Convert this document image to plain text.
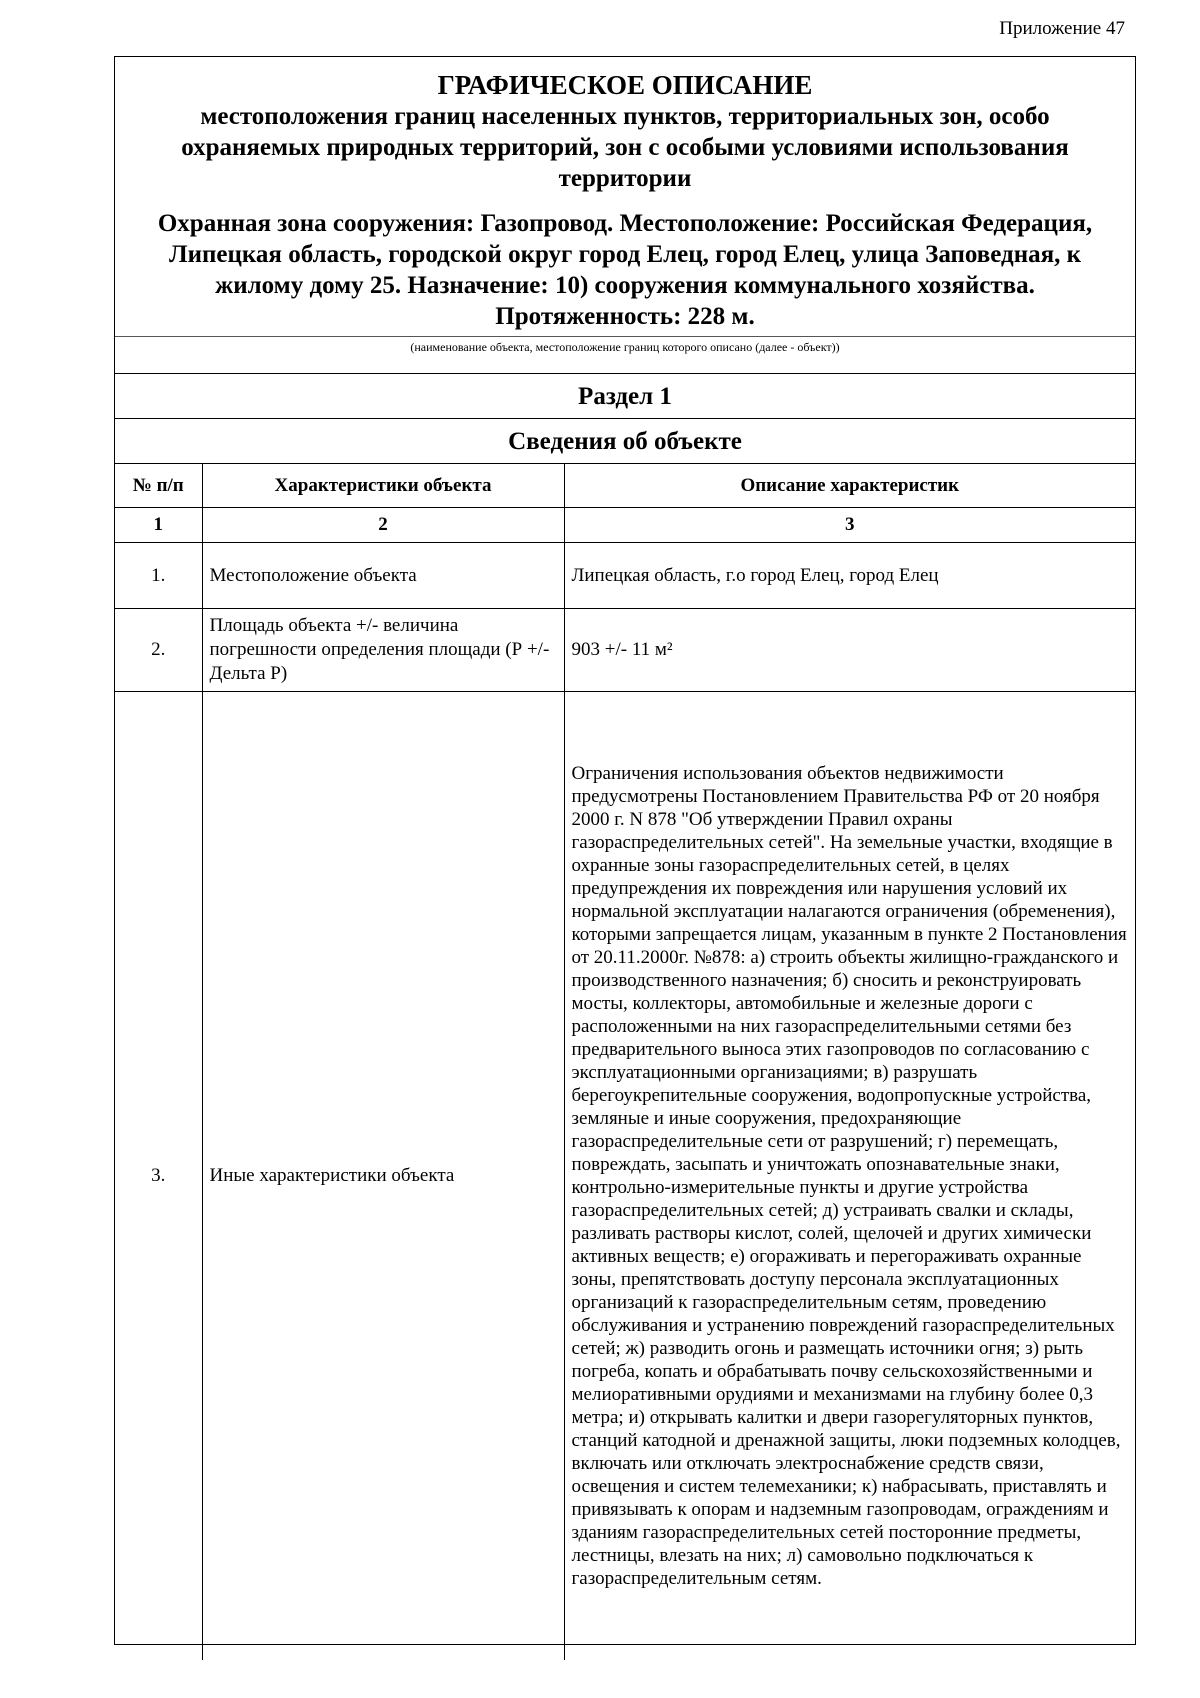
Приложение 47
ГРАФИЧЕСКОЕ ОПИСАНИЕ
местоположения границ населенных пунктов, территориальных зон, особо охраняемых природных территорий, зон с особыми условиями использования территории
Охранная зона сооружения: Газопровод. Местоположение: Российская Федерация, Липецкая область, городской округ город Елец, город Елец, улица Заповедная, к жилому дому 25. Назначение: 10) сооружения коммунального хозяйства. Протяженность: 228 м.
(наименование объекта, местоположение границ которого описано (далее - объект))
Раздел 1
Сведения об объекте
№ п/п	Характеристики объекта	Описание характеристик
1	2	3
1.	Местоположение объекта	Липецкая область, г.о город Елец, город Елец
2.	Площадь объекта +/- величина погрешности определения площади (Р +/- Дельта Р)	903 +/- 11 м²
3.	Иные характеристики объекта	Ограничения использования объектов недвижимости предусмотрены Постановлением Правительства РФ от 20 ноября 2000 г. N 878 "Об утверждении Правил охраны газораспределительных сетей". На земельные участки, входящие в охранные зоны газораспределительных сетей, в целях предупреждения их повреждения или нарушения условий их нормальной эксплуатации налагаются ограничения (обременения), которыми запрещается лицам, указанным в пункте 2 Постановления от 20.11.2000г. №878: а) строить объекты жилищно-гражданского и производственного назначения; б) сносить и реконструировать мосты, коллекторы, автомобильные и железные дороги с расположенными на них газораспределительными сетями без предварительного выноса этих газопроводов по согласованию с эксплуатационными организациями; в) разрушать берегоукрепительные сооружения, водопропускные устройства, земляные и иные сооружения, предохраняющие газораспределительные сети от разрушений; г) перемещать, повреждать, засыпать и уничтожать опознавательные знаки, контрольно-измерительные пункты и другие устройства газораспределительных сетей; д) устраивать свалки и склады, разливать растворы кислот, солей, щелочей и других химически активных веществ; е) огораживать и перегораживать охранные зоны, препятствовать доступу персонала эксплуатационных организаций к газораспределительным сетям, проведению обслуживания и устранению повреждений газораспределительных сетей; ж) разводить огонь и размещать источники огня; з) рыть погреба, копать и обрабатывать почву сельскохозяйственными и мелиоративными орудиями и механизмами на глубину более 0,3 метра; и) открывать калитки и двери газорегуляторных пунктов, станций катодной и дренажной защиты, люки подземных колодцев, включать или отключать электроснабжение средств связи, освещения и систем телемеханики; к) набрасывать, приставлять и привязывать к опорам и надземным газопроводам, ограждениям и зданиям газораспределительных сетей посторонние предметы, лестницы, влезать на них; л) самовольно подключаться к газораспределительным сетям.
